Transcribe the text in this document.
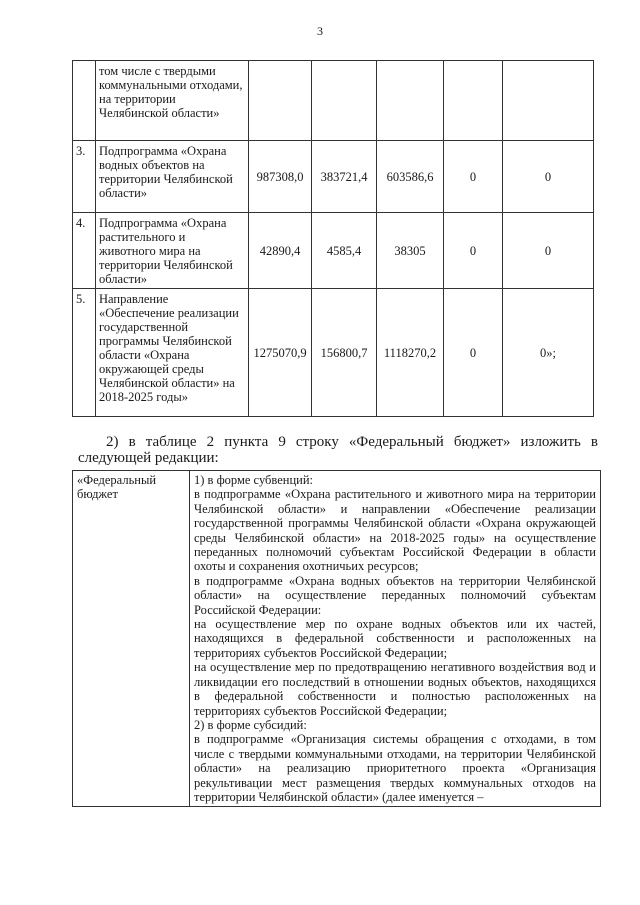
3
	том числе с твердыми коммунальными отходами, на территории Челябинской области»					
3.	Подпрограмма «Охрана водных объектов на территории Челябинской области»	987308,0	383721,4	603586,6	0	0
4.	Подпрограмма «Охрана растительного и животного мира на территории Челябинской области»	42890,4	4585,4	38305	0	0
5.	Направление «Обеспечение реализации государственной программы Челябинской области «Охрана окружающей среды Челябинской области» на 2018-2025 годы»	1275070,9	156800,7	1118270,2	0	0»;
2) в таблице 2 пункта 9 строку «Федеральный бюджет» изложить в следующей редакции:
«Федеральный бюджет	
1) в форме субвенций:
в подпрограмме «Охрана растительного и животного мира на территории Челябинской области» и направлении «Обеспечение реализации государственной программы Челябинской области «Охрана окружающей среды Челябинской области» на 2018-2025 годы» на осуществление переданных полномочий субъектам Российской Федерации в области охоты и сохранения охотничьих ресурсов;
в подпрограмме «Охрана водных объектов на территории Челябинской области» на осуществление переданных полномочий субъектам Российской Федерации:
на осуществление мер по охране водных объектов или их частей, находящихся в федеральной собственности и расположенных на территориях субъектов Российской Федерации;
на осуществление мер по предотвращению негативного воздействия вод и ликвидации его последствий в отношении водных объектов, находящихся в федеральной собственности и полностью расположенных на территориях субъектов Российской Федерации;
2) в форме субсидий:
в подпрограмме «Организация системы обращения с отходами, в том числе с твердыми коммунальными отходами, на территории Челябинской области» на реализацию приоритетного проекта «Организация рекультивации мест размещения твердых коммунальных отходов на территории Челябинской области» (далее именуется –
